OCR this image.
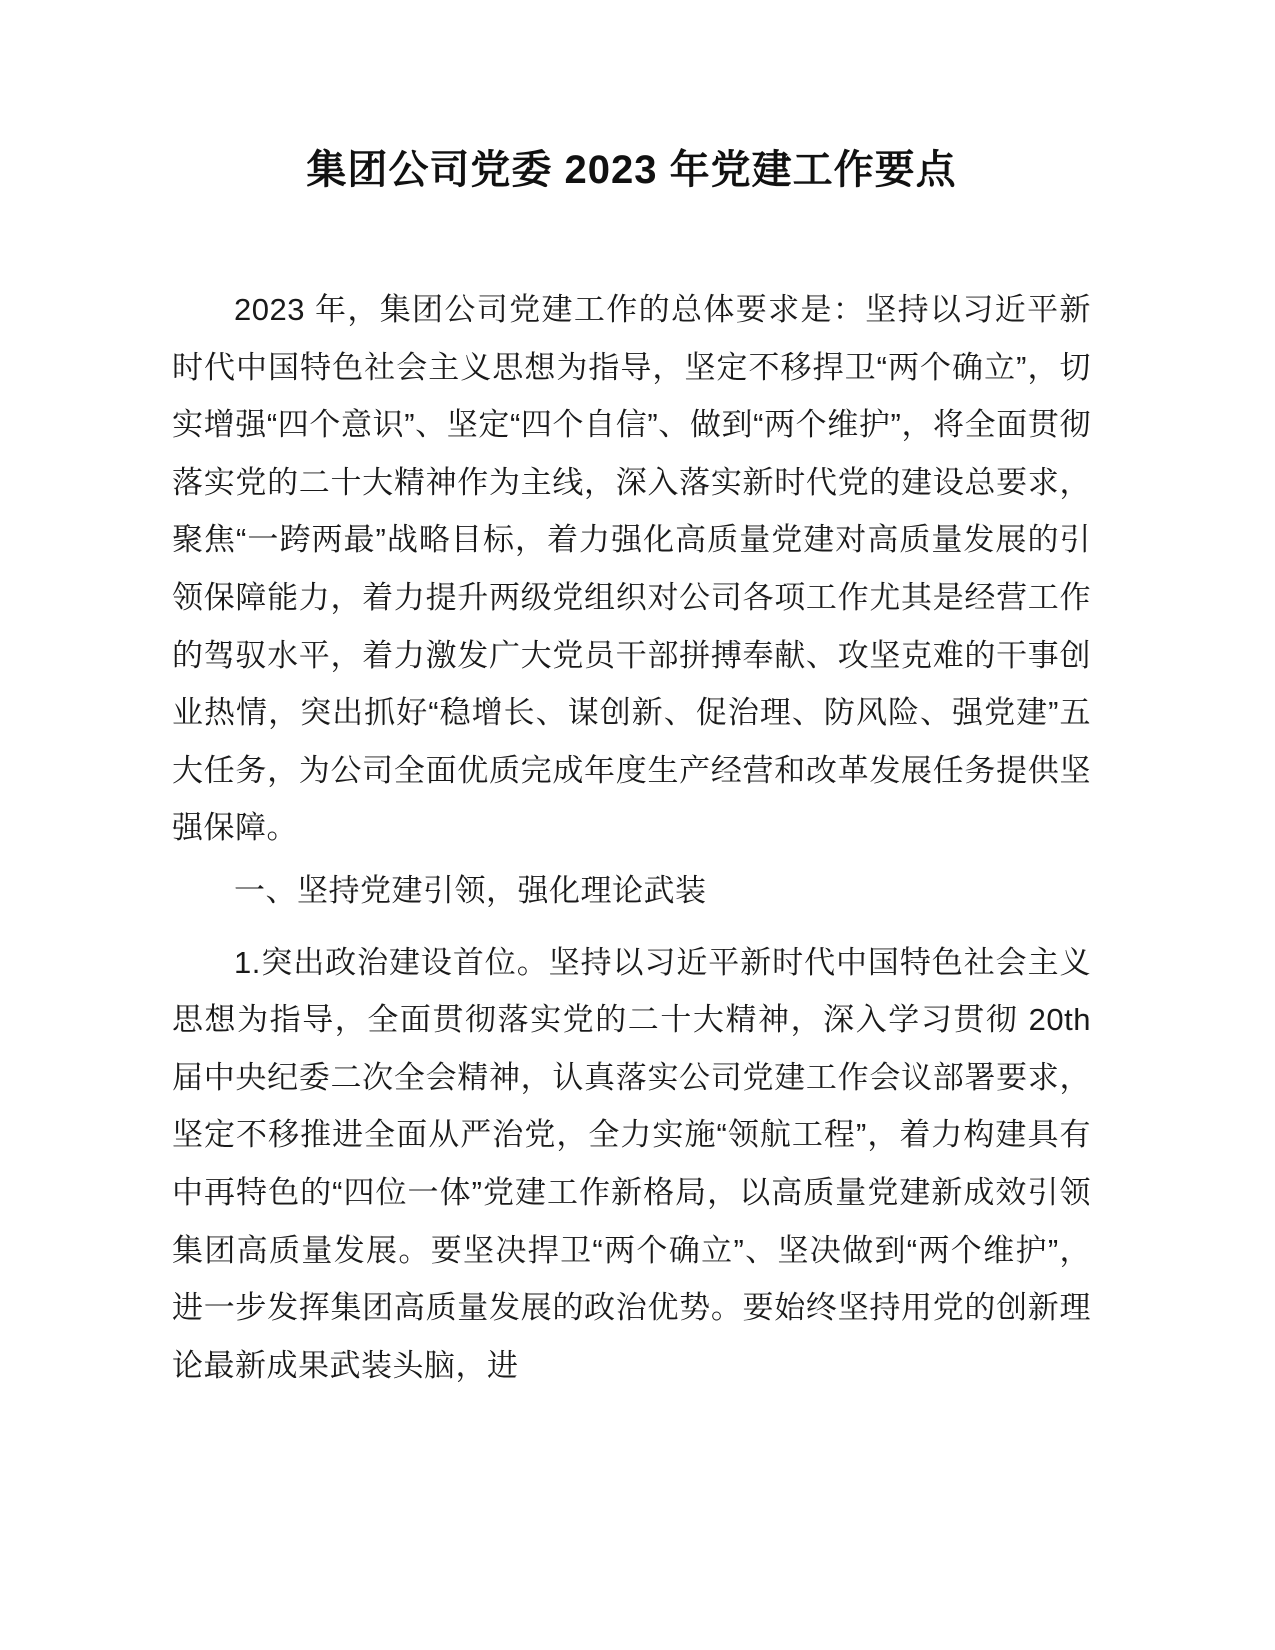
集团公司党委 2023 年党建工作要点

2023 年，集团公司党建工作的总体要求是：坚持以习近平新时代中国特色社会主义思想为指导，坚定不移捍卫“两个确立”，切实增强“四个意识”、坚定“四个自信”、做到“两个维护”，将全面贯彻落实党的二十大精神作为主线，深入落实新时代党的建设总要求，聚焦“一跨两最”战略目标，着力强化高质量党建对高质量发展的引领保障能力，着力提升两级党组织对公司各项工作尤其是经营工作的驾驭水平，着力激发广大党员干部拼搏奉献、攻坚克难的干事创业热情，突出抓好“稳增长、谋创新、促治理、防风险、强党建”五大任务，为公司全面优质完成年度生产经营和改革发展任务提供坚强保障。

一、坚持党建引领，强化理论武装

1.突出政治建设首位。坚持以习近平新时代中国特色社会主义思想为指导，全面贯彻落实党的二十大精神，深入学习贯彻 20th 届中央纪委二次全会精神，认真落实公司党建工作会议部署要求，坚定不移推进全面从严治党，全力实施“领航工程”，着力构建具有中再特色的“四位一体”党建工作新格局，以高质量党建新成效引领集团高质量发展。要坚决捍卫“两个确立”、坚决做到“两个维护”，进一步发挥集团高质量发展的政治优势。要始终坚持用党的创新理论最新成果武装头脑，进
